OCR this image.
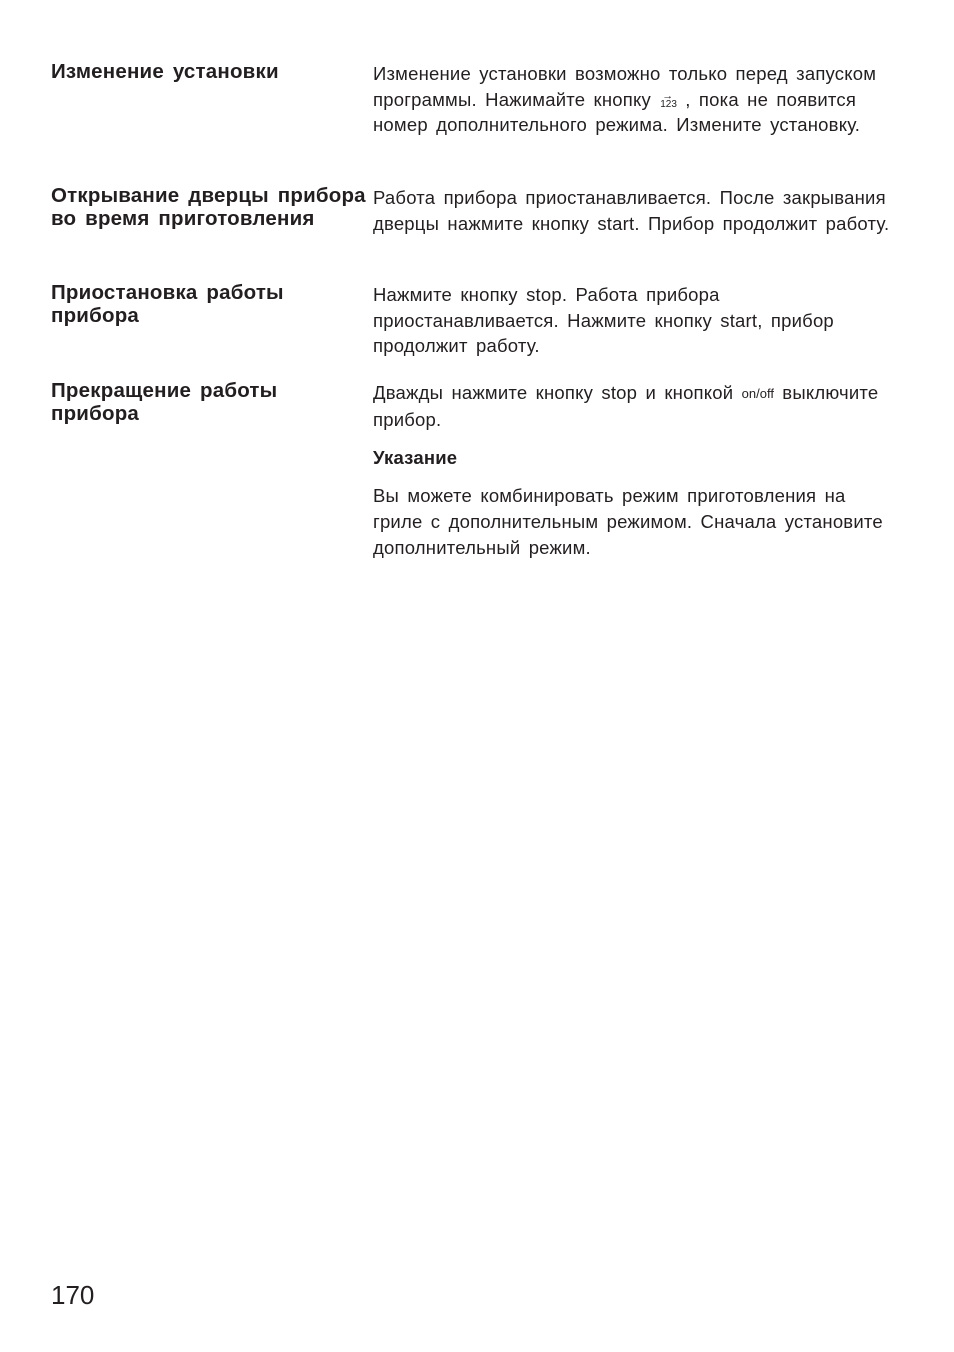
Изменение установки	Изменение установки возможно только перед запуском программы. Нажимайте кнопку →
123 , пока не появится номер дополнительного режима. Измените установку.

Открывание дверцы прибора во время приготовления

Работа прибора приостанавливается. После закрывания дверцы нажмите кнопку start. Прибор продолжит работу.

Приостановка работы прибора

Нажмите кнопку stop. Работа прибора приостанавливается. Нажмите кнопку start, прибор продолжит работу.

Прекращение работы прибора

Дважды нажмите кнопку stop и кнопкой on/off выключите прибор.

Указание

Вы можете комбинировать режим приготовления на гриле с дополнительным режимом. Сначала установите дополнительный режим.

170
